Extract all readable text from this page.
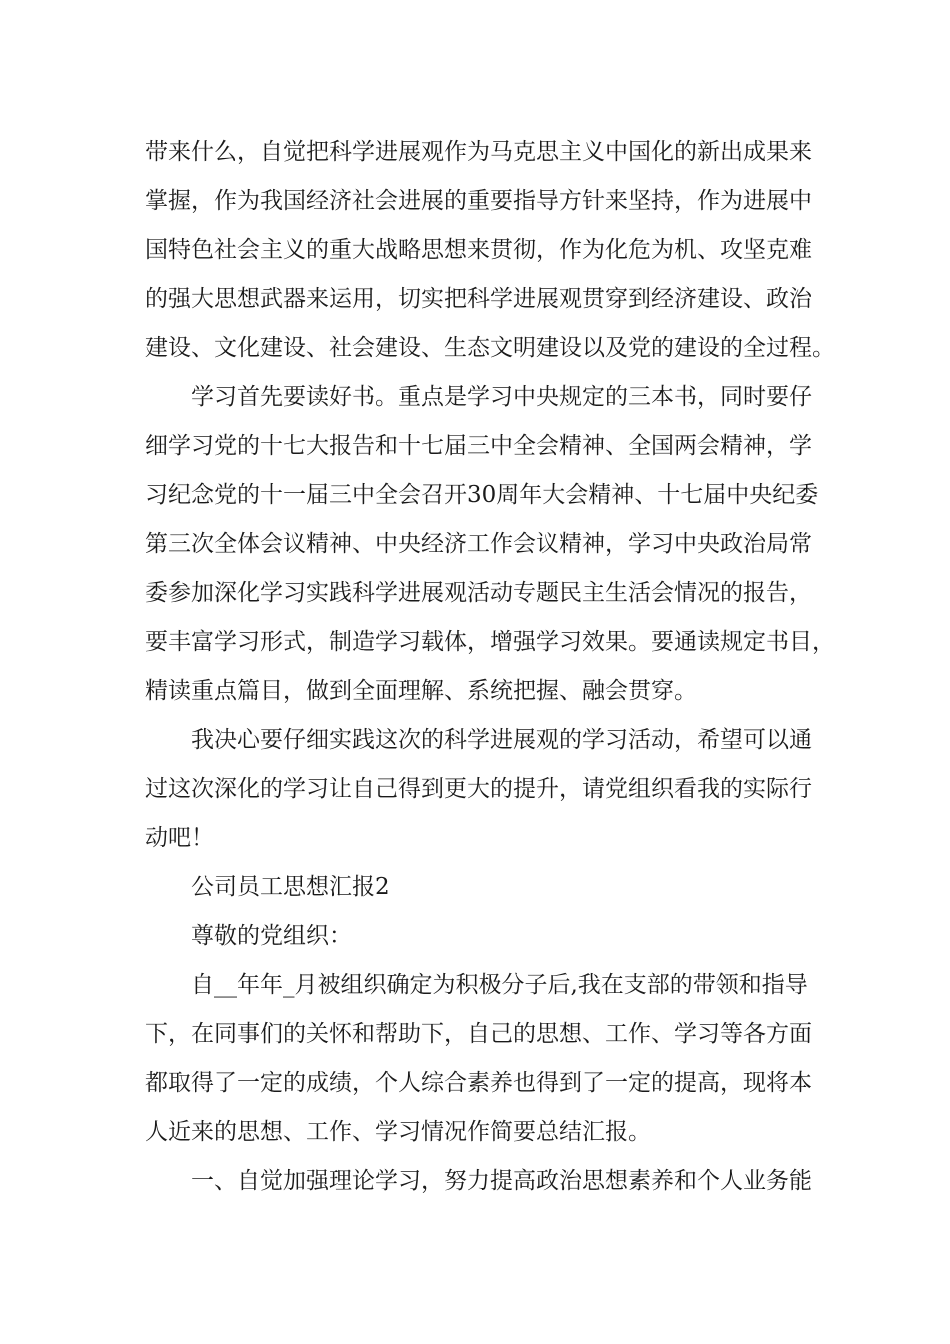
带来什么，自觉把科学进展观作为马克思主义中国化的新出成果来
掌握，作为我国经济社会进展的重要指导方针来坚持，作为进展中
国特色社会主义的重大战略思想来贯彻，作为化危为机、攻坚克难
的强大思想武器来运用，切实把科学进展观贯穿到经济建设、政治
建设、文化建设、社会建设、生态文明建设以及党的建设的全过程。

学习首先要读好书。重点是学习中央规定的三本书，同时要仔
细学习党的十七大报告和十七届三中全会精神、全国两会精神，学
习纪念党的十一届三中全会召开30周年大会精神、十七届中央纪委
第三次全体会议精神、中央经济工作会议精神，学习中央政治局常
委参加深化学习实践科学进展观活动专题民主生活会情况的报告，
要丰富学习形式，制造学习载体，增强学习效果。要通读规定书目，
精读重点篇目，做到全面理解、系统把握、融会贯穿。

我决心要仔细实践这次的科学进展观的学习活动，希望可以通
过这次深化的学习让自己得到更大的提升，请党组织看我的实际行
动吧！

公司员工思想汇报2

尊敬的党组织：

自__年年_月被组织确定为积极分子后,我在支部的带领和指导
下，在同事们的关怀和帮助下，自己的思想、工作、学习等各方面
都取得了一定的成绩，个人综合素养也得到了一定的提高，现将本
人近来的思想、工作、学习情况作简要总结汇报。

一、自觉加强理论学习，努力提高政治思想素养和个人业务能
